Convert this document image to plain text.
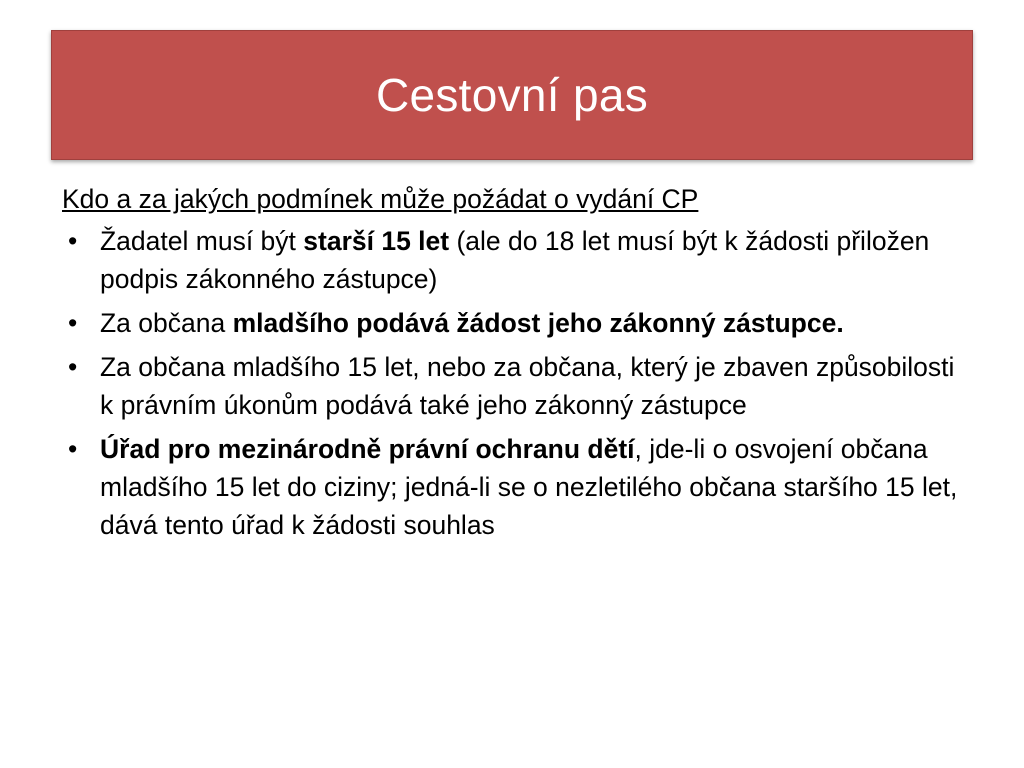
Cestovní pas
Kdo a za jakých podmínek může požádat o vydání CP
• Žadatel musí být starší 15 let (ale do 18 let musí být k žádosti přiložen podpis zákonného zástupce)
• Za občana mladšího podává žádost jeho zákonný zástupce.
• Za občana mladšího 15 let, nebo za občana, který je zbaven způsobilosti k právním úkonům podává také jeho zákonný zástupce
• Úřad pro mezinárodně právní ochranu dětí, jde-li o osvojení občana mladšího 15 let do ciziny; jedná-li se o nezletilého občana staršího 15 let, dává tento úřad k žádosti souhlas
